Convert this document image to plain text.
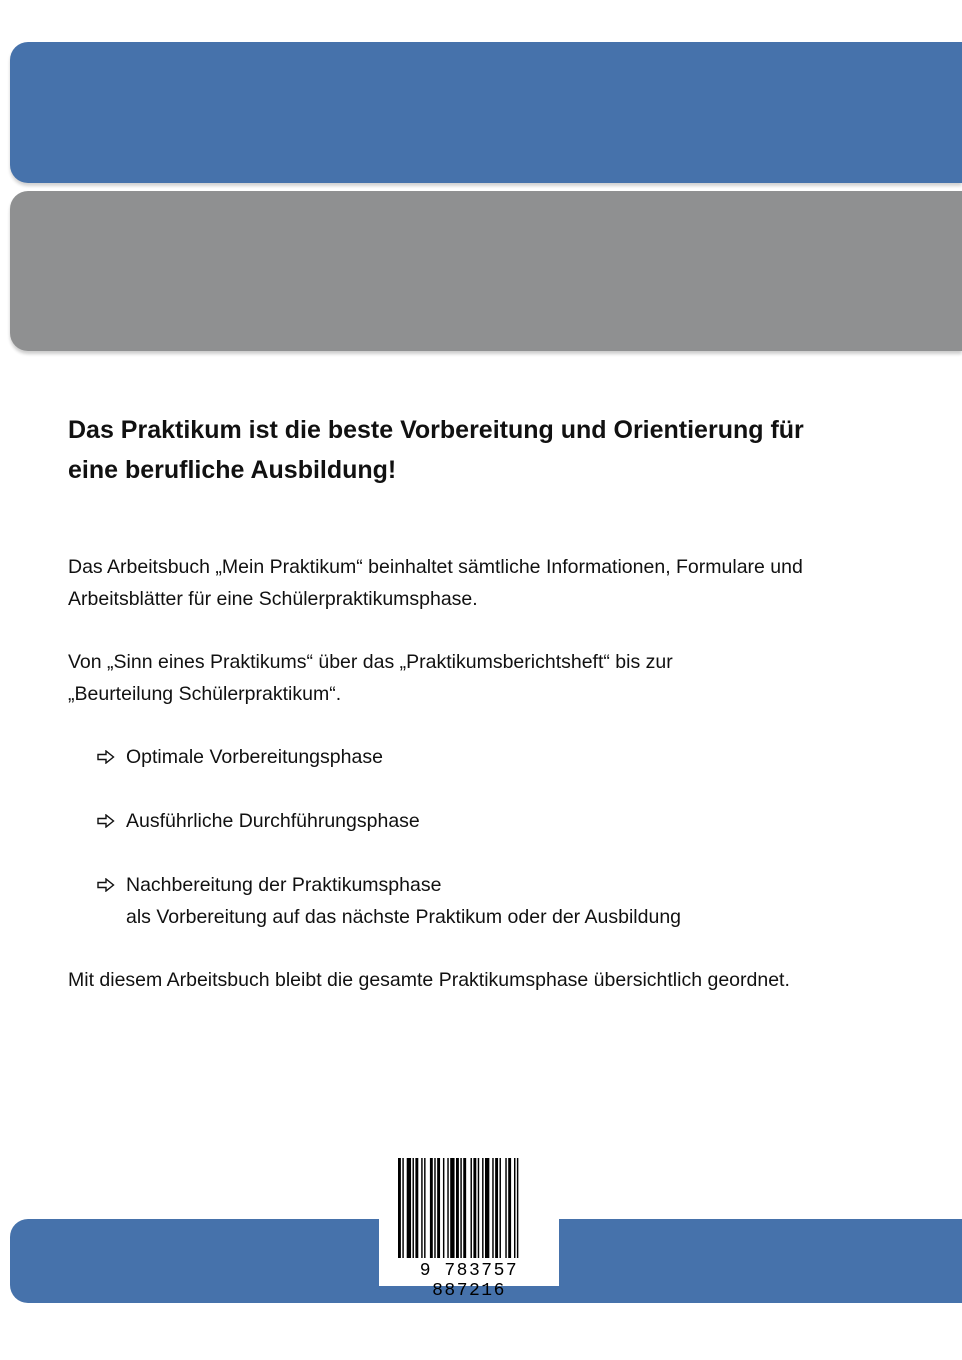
Das Praktikum ist die beste Vorbereitung und Orientierung für
eine berufliche Ausbildung!

Das Arbeitsbuch „Mein Praktikum“ beinhaltet sämtliche Informationen, Formulare und
Arbeitsblätter für eine Schülerpraktikumsphase.

Von „Sinn eines Praktikums“ über das „Praktikumsberichtsheft“ bis zur
„Beurteilung Schülerpraktikum“.

Optimale Vorbereitungsphase
Ausführliche Durchführungsphase
Nachbereitung der Praktikumsphase
als Vorbereitung auf das nächste Praktikum oder der Ausbildung

Mit diesem Arbeitsbuch bleibt die gesamte Praktikumsphase übersichtlich geordnet.

9 783757 887216
